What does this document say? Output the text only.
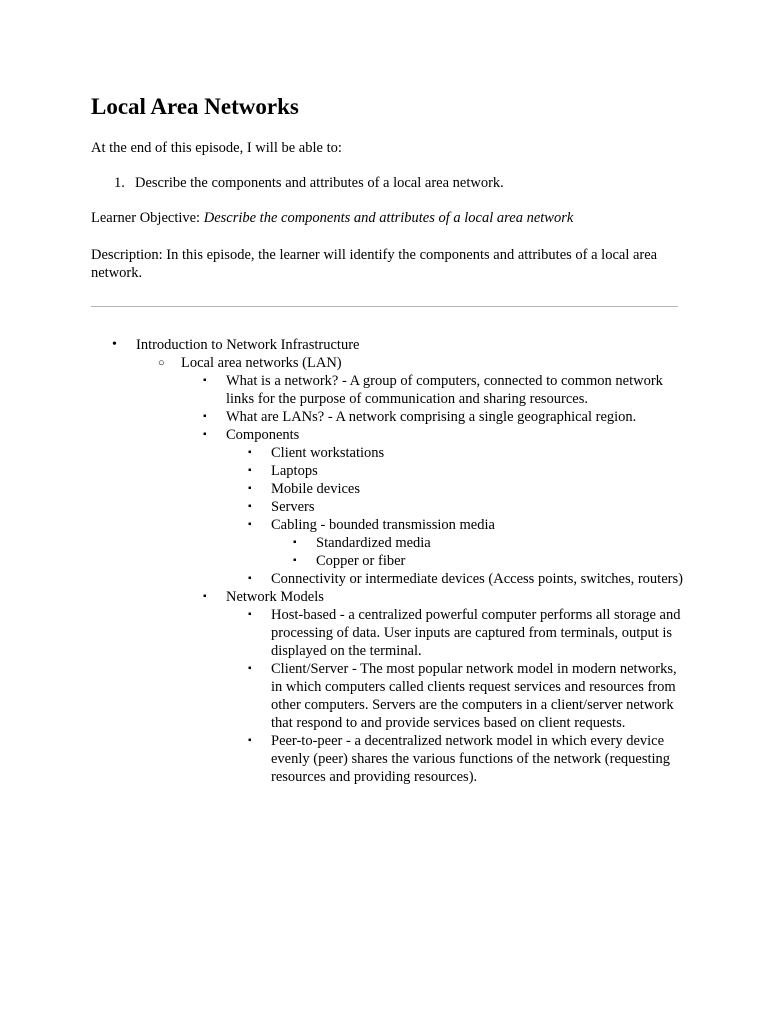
Local Area Networks

At the end of this episode, I will be able to:

1. Describe the components and attributes of a local area network.

Learner Objective: Describe the components and attributes of a local area network

Description: In this episode, the learner will identify the components and attributes of a local area network.

•	Introduction to Network Infrastructure
○	Local area networks (LAN)
▪	What is a network? - A group of computers, connected to common network links for the purpose of communication and sharing resources.
▪	What are LANs? - A network comprising a single geographical region.
▪	Components
▪	Client workstations
▪	Laptops
▪	Mobile devices
▪	Servers
▪	Cabling - bounded transmission media
▪	Standardized media
▪	Copper or fiber
▪	Connectivity or intermediate devices (Access points, switches, routers)
▪	Network Models
▪	Host-based - a centralized powerful computer performs all storage and processing of data. User inputs are captured from terminals, output is displayed on the terminal.
▪	Client/Server - The most popular network model in modern networks, in which computers called clients request services and resources from other computers. Servers are the computers in a client/server network that respond to and provide services based on client requests.
▪	Peer-to-peer - a decentralized network model in which every device evenly (peer) shares the various functions of the network (requesting resources and providing resources).
